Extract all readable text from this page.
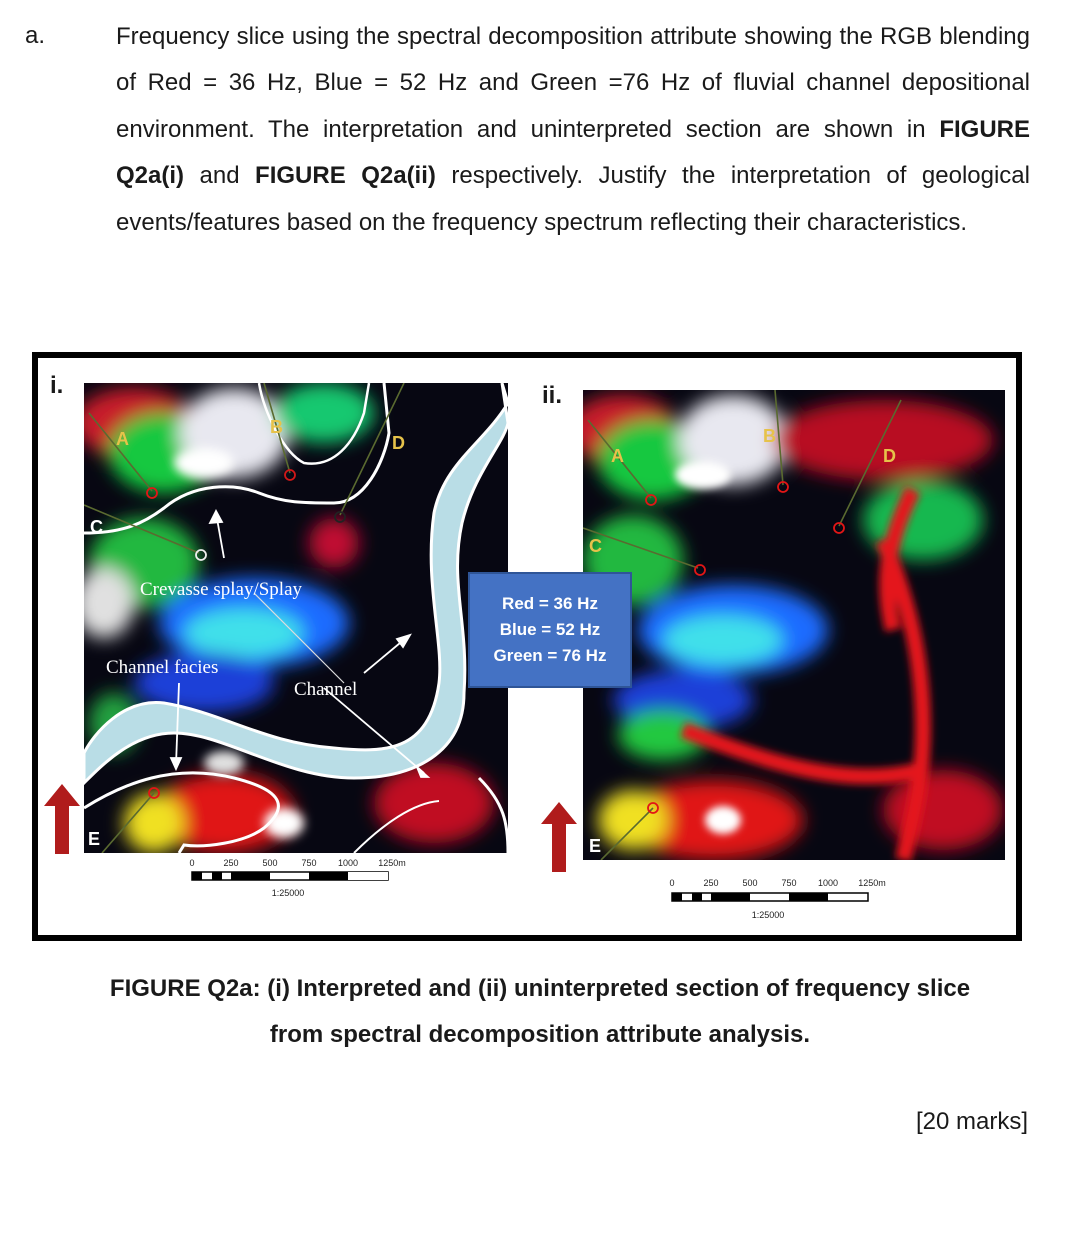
a.	Frequency slice using the spectral decomposition attribute showing the RGB blending of Red = 36 Hz, Blue = 52 Hz and Green =76 Hz of fluvial channel depositional environment. The interpretation and uninterpreted section are shown in FIGURE Q2a(i) and FIGURE Q2a(ii) respectively. Justify the interpretation of geological events/features based on the frequency spectrum reflecting their characteristics.
i.
A
B
C
D
E
Crevasse splay/Splay
Channel facies
Channel
0	250	500	750 1000 1250m
1:25000
ii.
A
B
C
D
E
0	250	500	750 1000 1250m
1:25000
Red = 36 Hz
Blue = 52 Hz
Green = 76 Hz
FIGURE Q2a: (i) Interpreted and (ii) uninterpreted section of frequency slice
from spectral decomposition attribute analysis.
[20 marks]
